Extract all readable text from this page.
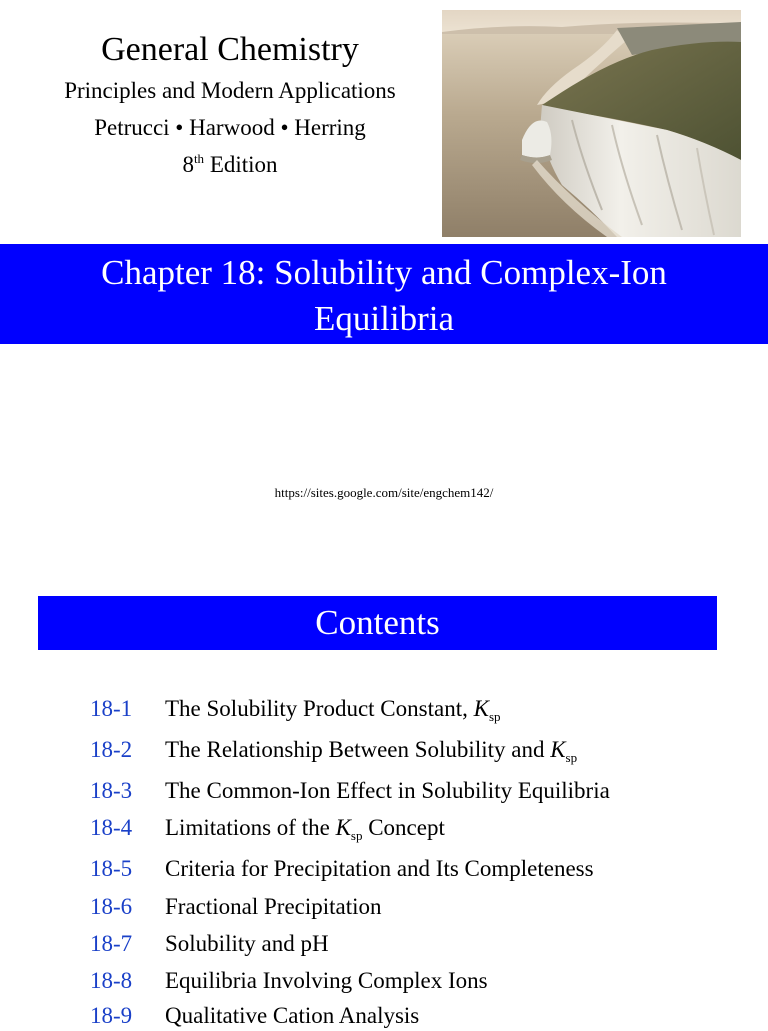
General Chemistry

Principles and Modern Applications

Petrucci • Harwood • Herring

8th Edition

Chapter 18: Solubility and Complex-Ion
Equilibria
https://sites.google.com/site/engchem142/
Contents
18-1 The Solubility Product Constant, $K_{sp}$
18-2 The Relationship Between Solubility and $K_{sp}$
18-3 The Common-Ion Effect in Solubility Equilibria
18-4 Limitations of the $K_{sp}$ Concept
18-5 Criteria for Precipitation and Its Completeness
18-6 Fractional Precipitation
18-7 Solubility and pH
18-8 Equilibria Involving Complex Ions
18-9 Qualitative Cation Analysis
